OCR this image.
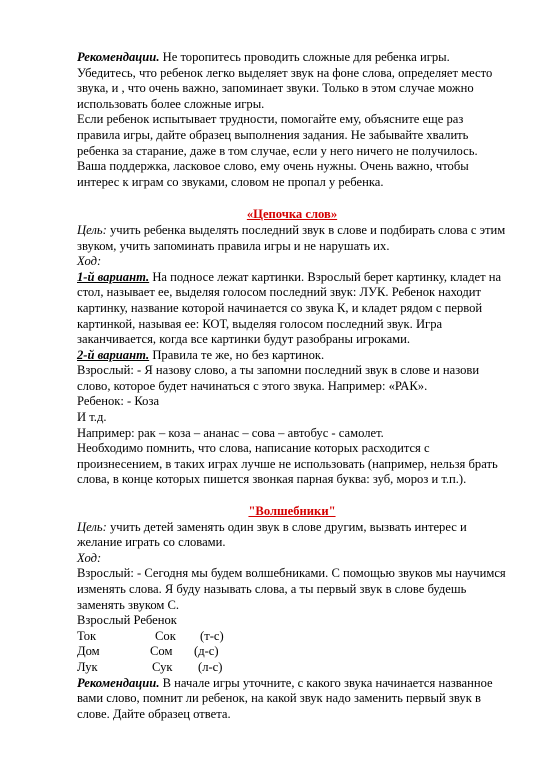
Рекомендации. Не торопитесь проводить сложные для ребенка игры. Убедитесь, что ребенок легко выделяет звук на фоне слова, определяет место звука, и , что очень важно, запоминает звуки. Только в этом случае можно использовать более сложные игры.

Если ребенок испытывает трудности, помогайте ему, объясните еще раз правила игры, дайте образец выполнения задания. Не забывайте хвалить ребенка за старание, даже в том случае, если у него ничего не получилось. Ваша поддержка, ласковое слово, ему очень нужны. Очень важно, чтобы интерес к играм со звуками, словом не пропал у ребенка.

«Цепочка слов»

Цель: учить ребенка выделять последний звук в слове и подбирать слова с этим звуком, учить запоминать правила игры и не нарушать их.

Ход:

1-й вариант. На подносе лежат картинки. Взрослый берет картинку, кладет на стол, называет ее, выделяя голосом последний звук: ЛУК. Ребенок находит картинку, название которой начинается со звука К, и кладет рядом с первой картинкой, называя ее: КОТ, выделяя голосом последний звук. Игра заканчивается, когда все картинки будут разобраны игроками.

2-й вариант. Правила те же, но без картинок.

Взрослый: - Я назову слово, а ты запомни последний звук в слове и назови слово, которое будет начинаться с этого звука. Например: «РАК».

Ребенок: - Коза

И т.д.

Например: рак – коза – ананас – сова – автобус - самолет.

Необходимо помнить, что слова, написание которых расходится с произнесением, в таких играх лучше не использовать (например, нельзя брать слова, в конце которых пишется звонкая парная буква: зуб, мороз и т.п.).

"Волшебники"

Цель: учить детей заменять один звук в слове другим, вызвать интерес и желание играть со словами.

Ход:

Взрослый: - Сегодня мы будем волшебниками. С помощью звуков мы научимся изменять слова. Я буду называть слова, а ты первый звук в слове будешь заменять звуком С.

Взрослый Ребенок

Ток	Сок (т-с)
Дом	Сом (д-с)
Лук	Сук (л-с)

Рекомендации. В начале игры уточните, с какого звука начинается названное вами слово, помнит ли ребенок, на какой звук надо заменить первый звук в слове. Дайте образец ответа.
